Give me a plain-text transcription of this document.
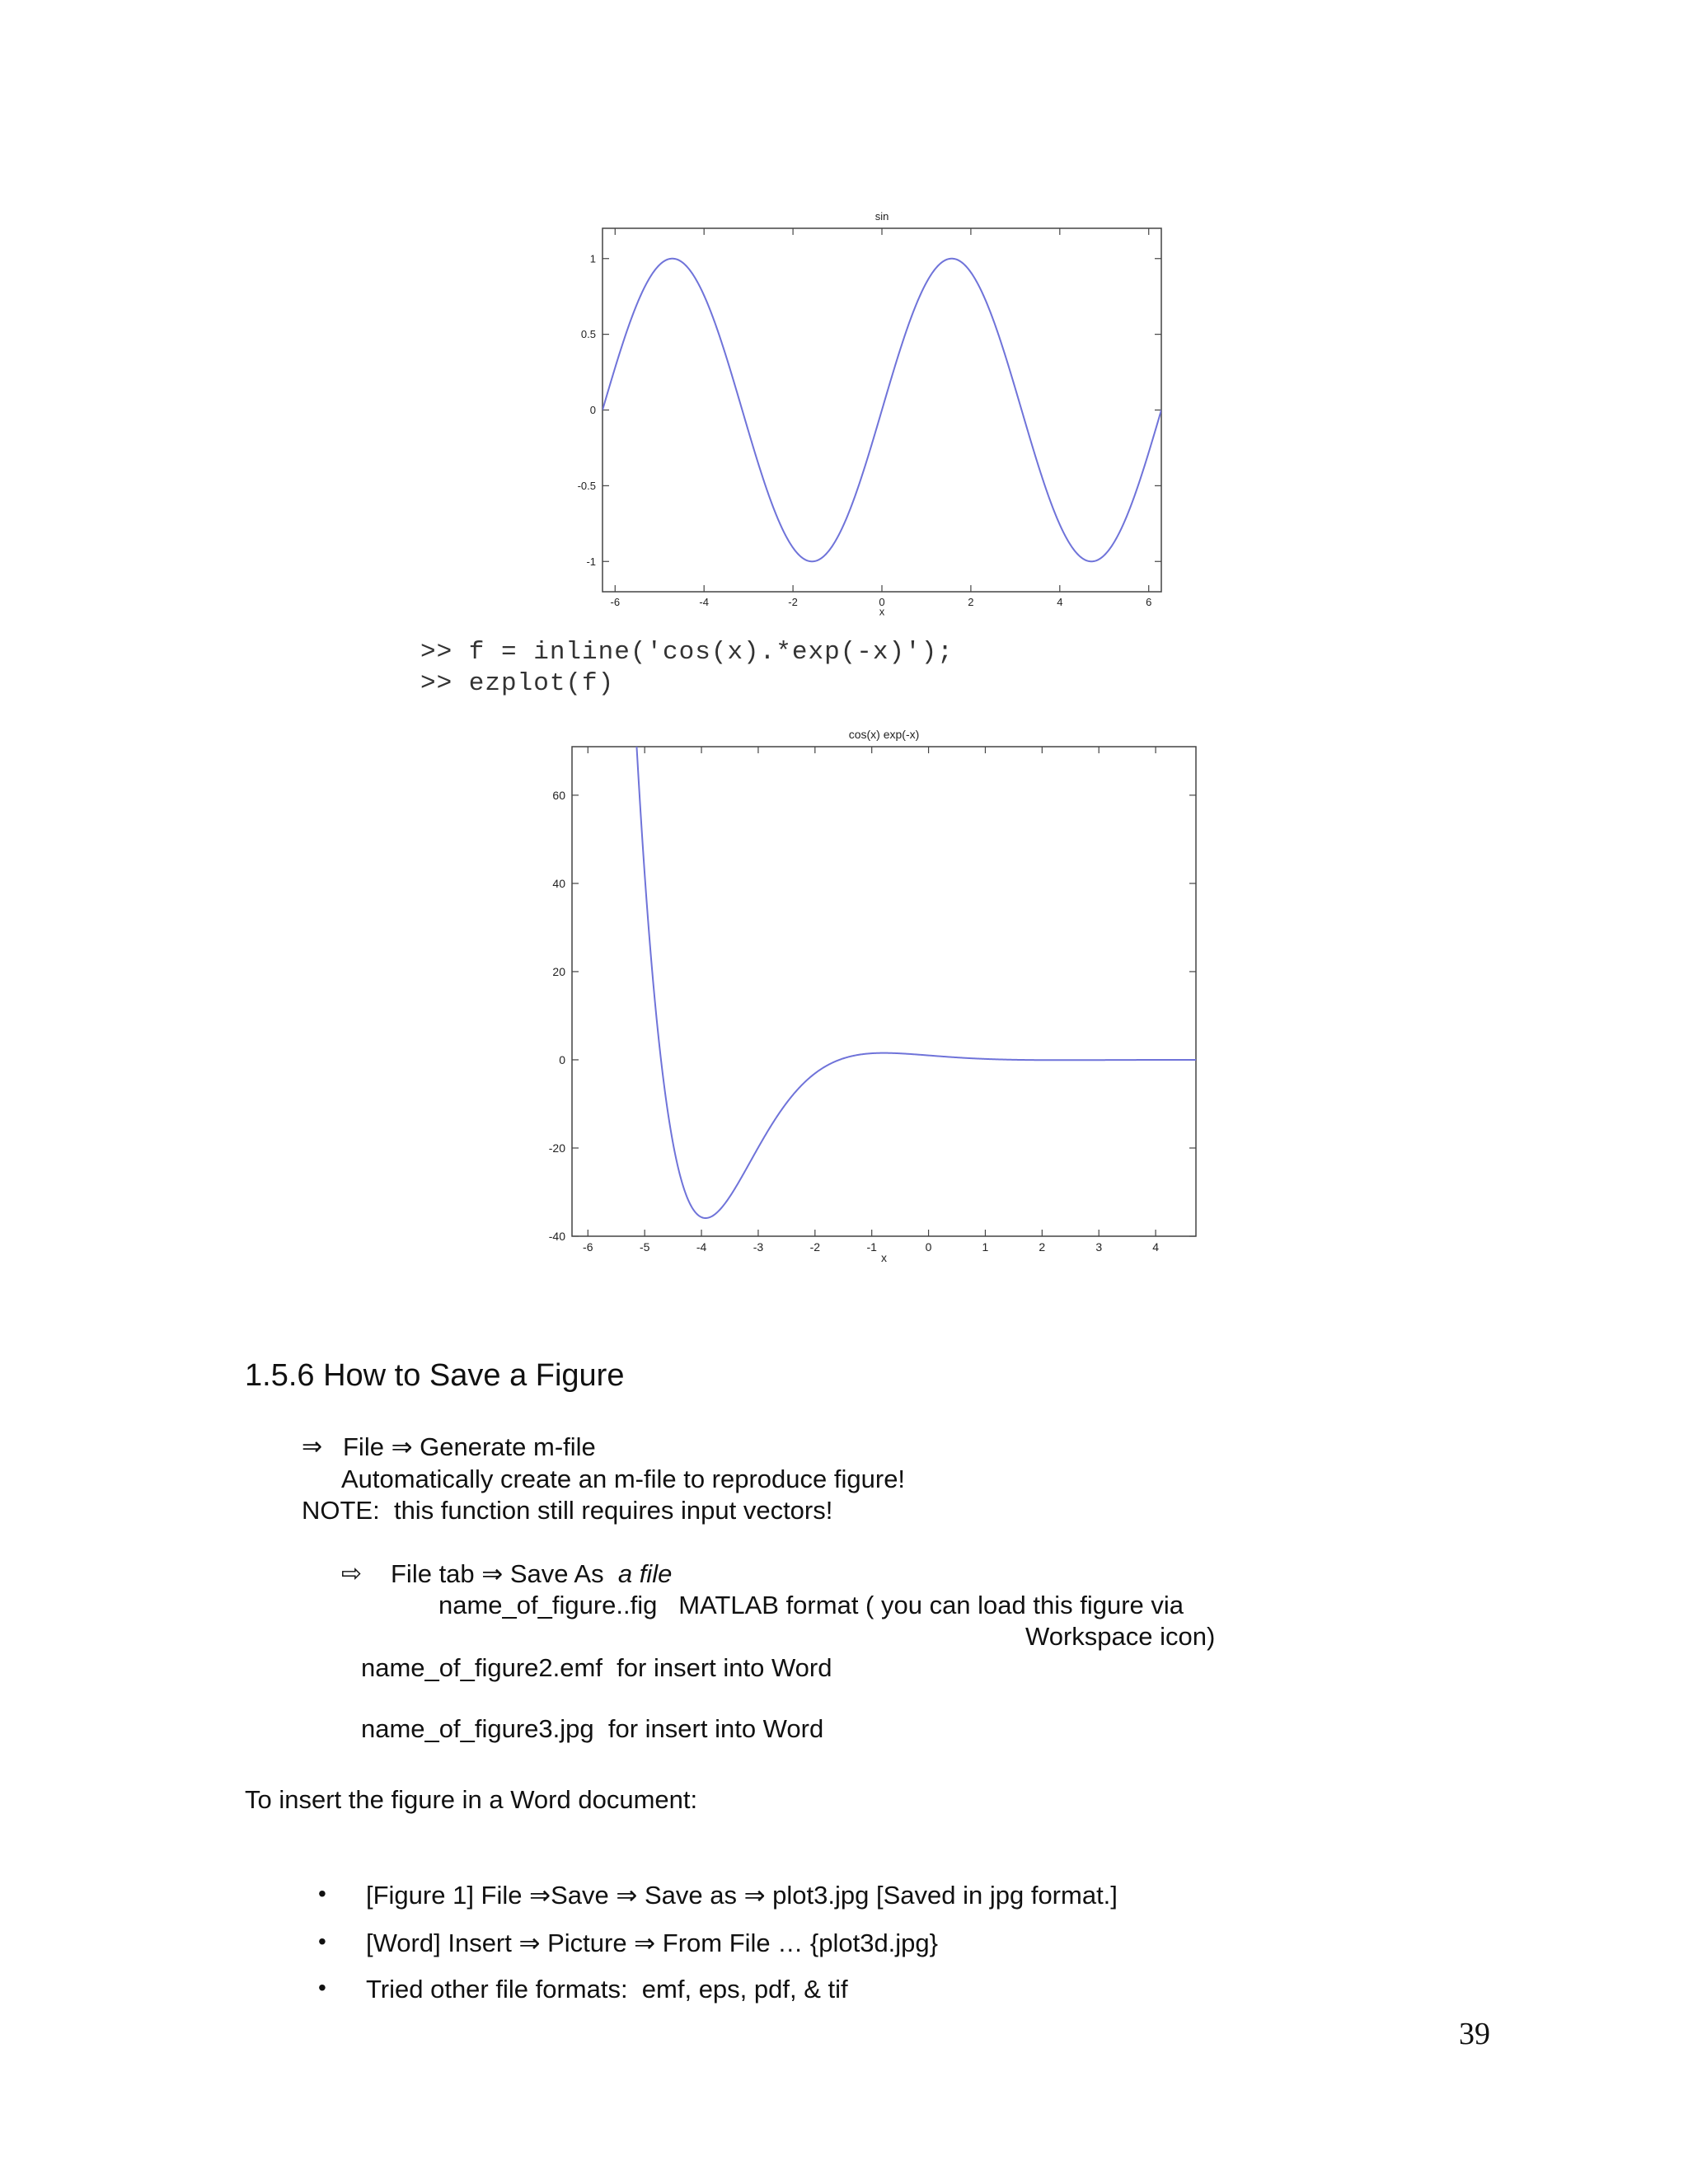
sin
x
-6	-4	-2	0	2	4	6
1
0.5
0
-0.5
-1
cos(x) exp(-x)
x
-6	-5	-4	-3	-2	-1	0	1	2	3	4
60
40
20
0
-20
-40
>> f = inline('cos(x).*exp(-x)');
>> ezplot(f)
1.5.6 How to Save a Figure
⇒ File ⇒ Generate m-file
Automatically create an m-file to reproduce figure!
NOTE:  this function still requires input vectors!
⇨ File tab ⇒ Save As a file
name_of_figure..fig   MATLAB format ( you can load this figure via
Workspace icon)
name_of_figure2.emf  for insert into Word
name_of_figure3.jpg  for insert into Word
To insert the figure in a Word document:
• [Figure 1] File ⇒Save ⇒ Save as ⇒ plot3.jpg [Saved in jpg format.]
• [Word] Insert ⇒ Picture ⇒ From File … {plot3d.jpg}
• Tried other file formats:  emf, eps, pdf, & tif
39
